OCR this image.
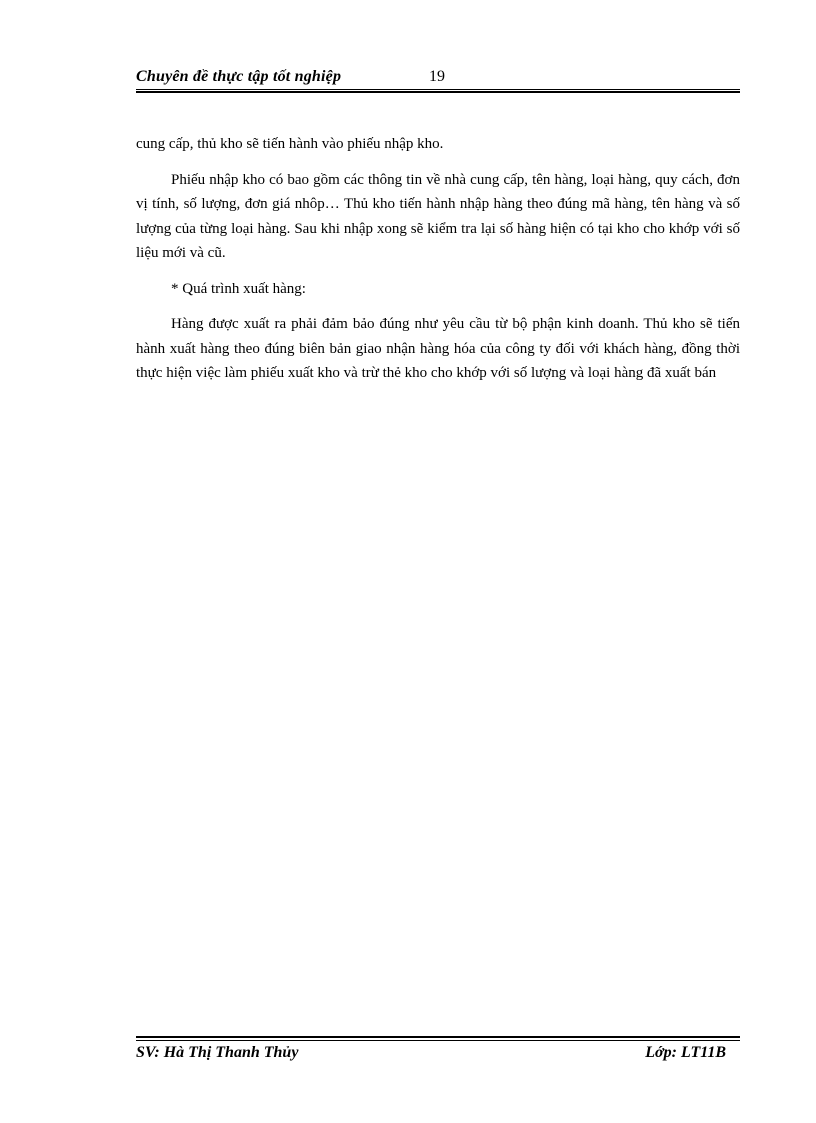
Chuyên đề thực tập tốt nghiệp	19

cung cấp, thủ kho sẽ tiến hành vào phiếu nhập kho.

Phiếu nhập kho có bao gồm các thông tin về nhà cung cấp, tên hàng, loại hàng, quy cách, đơn vị tính, số lượng, đơn giá nhôp… Thủ kho tiến hành nhập hàng theo đúng mã hàng, tên hàng và số lượng của từng loại hàng. Sau khi nhập xong sẽ kiểm tra lại số hàng hiện có tại kho cho khớp với số liệu mới và cũ.

* Quá trình xuất hàng:

Hàng được xuất ra phải đảm bảo đúng như yêu cầu từ bộ phận kinh doanh. Thủ kho sẽ tiến hành xuất hàng theo đúng biên bản giao nhận hàng hóa của công ty đối với khách hàng, đồng thời thực hiện việc làm phiếu xuất kho và trừ thẻ kho cho khớp với số lượng và loại hàng đã xuất bán

SV: Hà Thị Thanh Thủy	Lớp: LT11B
